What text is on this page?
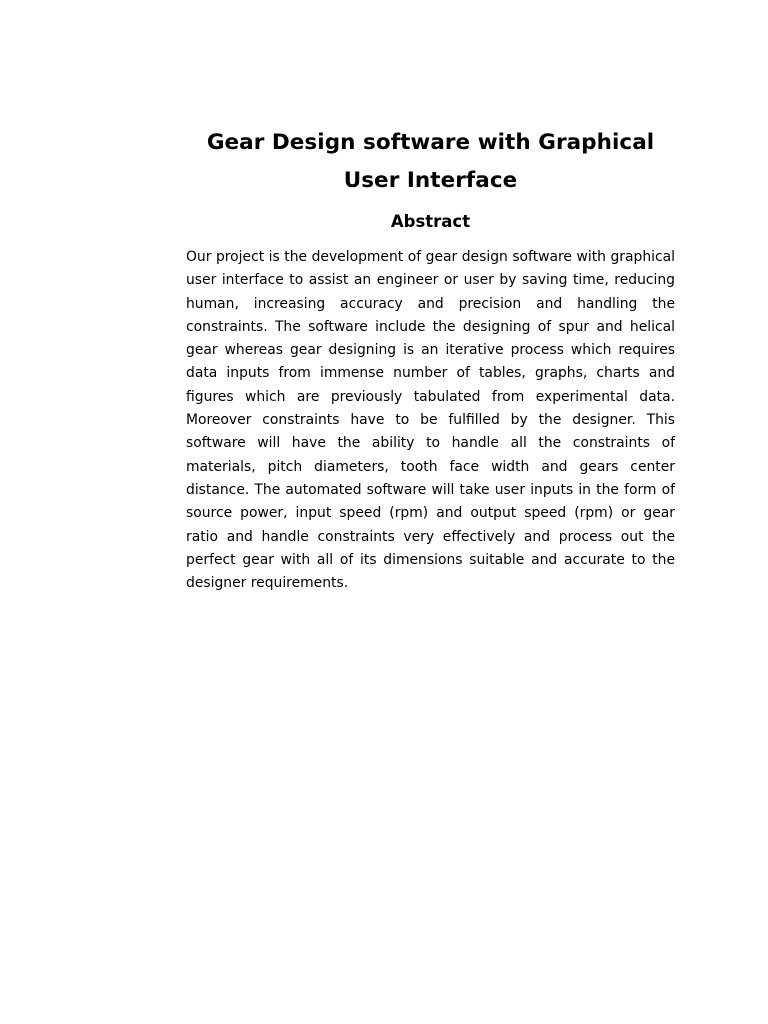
Gear Design software with Graphical
User Interface
Abstract

Our project is the development of gear design software with graphical user interface to assist an engineer or user by saving time, reducing human, increasing accuracy and precision and handling the constraints. The software include the designing of spur and helical gear whereas gear designing is an iterative process which requires data inputs from immense number of tables, graphs, charts and figures which are previously tabulated from experimental data. Moreover constraints have to be fulfilled by the designer. This software will have the ability to handle all the constraints of materials, pitch diameters, tooth face width and gears center distance. The automated software will take user inputs in the form of source power, input speed (rpm) and output speed (rpm) or gear ratio and handle constraints very effectively and process out the perfect gear with all of its dimensions suitable and accurate to the designer requirements.
